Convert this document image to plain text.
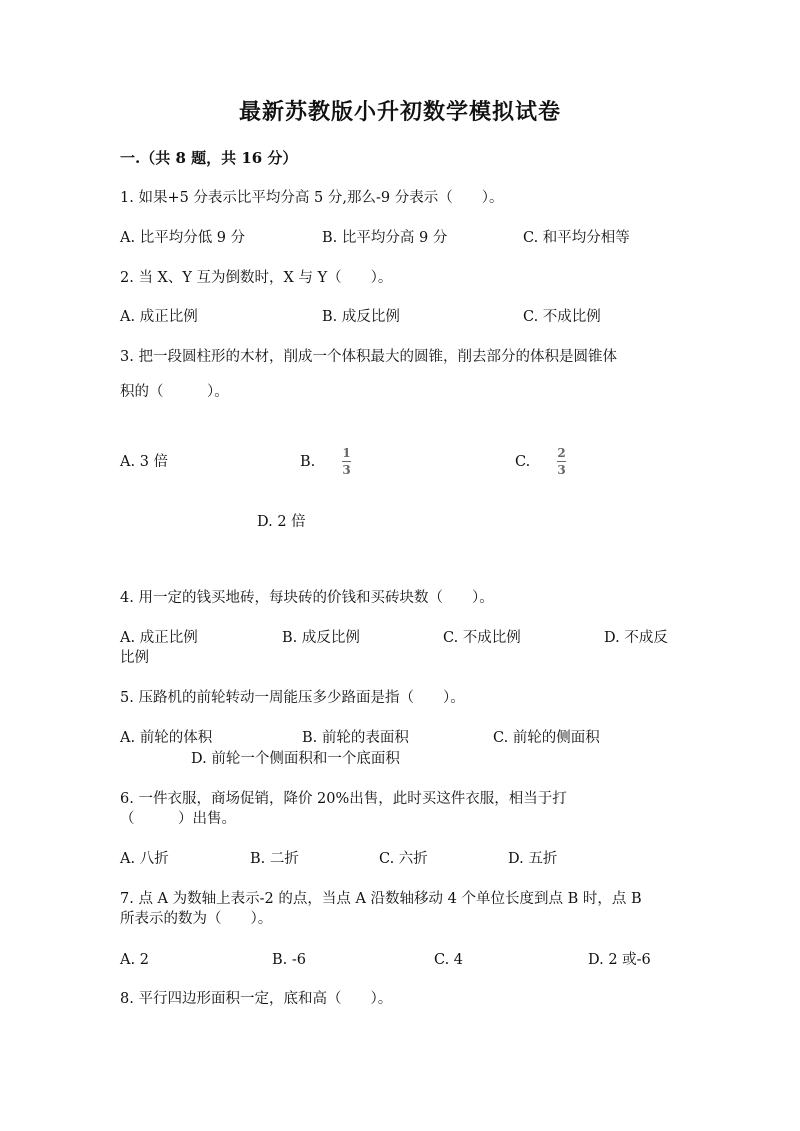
最新苏教版小升初数学模拟试卷
一.（共 8 题，共 16 分）
1. 如果+5 分表示比平均分高 5 分,那么-9 分表示（　　）。
A. 比平均分低 9 分	B. 比平均分高 9 分	C. 和平均分相等
2. 当 X、Y 互为倒数时，X 与 Y（　　）。
A. 成正比例	B. 成反比例	C. 不成比例
3. 把一段圆柱形的木材，削成一个体积最大的圆锥，削去部分的体积是圆锥体
积的（　　　）。
A. 3 倍	B.
1
3	C.
2
3
D. 2 倍
4. 用一定的钱买地砖，每块砖的价钱和买砖块数（　　）。
A. 成正比例	B. 成反比例	C. 不成比例	D. 不成反
比例
5. 压路机的前轮转动一周能压多少路面是指（　　）。
A. 前轮的体积	B. 前轮的表面积	C. 前轮的侧面积
D. 前轮一个侧面积和一个底面积
6. 一件衣服，商场促销，降价 20%出售，此时买这件衣服，相当于打
（　　　）出售。
A. 八折	B. 二折	C. 六折	D. 五折
7. 点 A 为数轴上表示-2 的点，当点 A 沿数轴移动 4 个单位长度到点 B 时，点 B
所表示的数为（　　）。
A. 2	B. -6	C. 4	D. 2 或-6
8. 平行四边形面积一定，底和高（　　）。
